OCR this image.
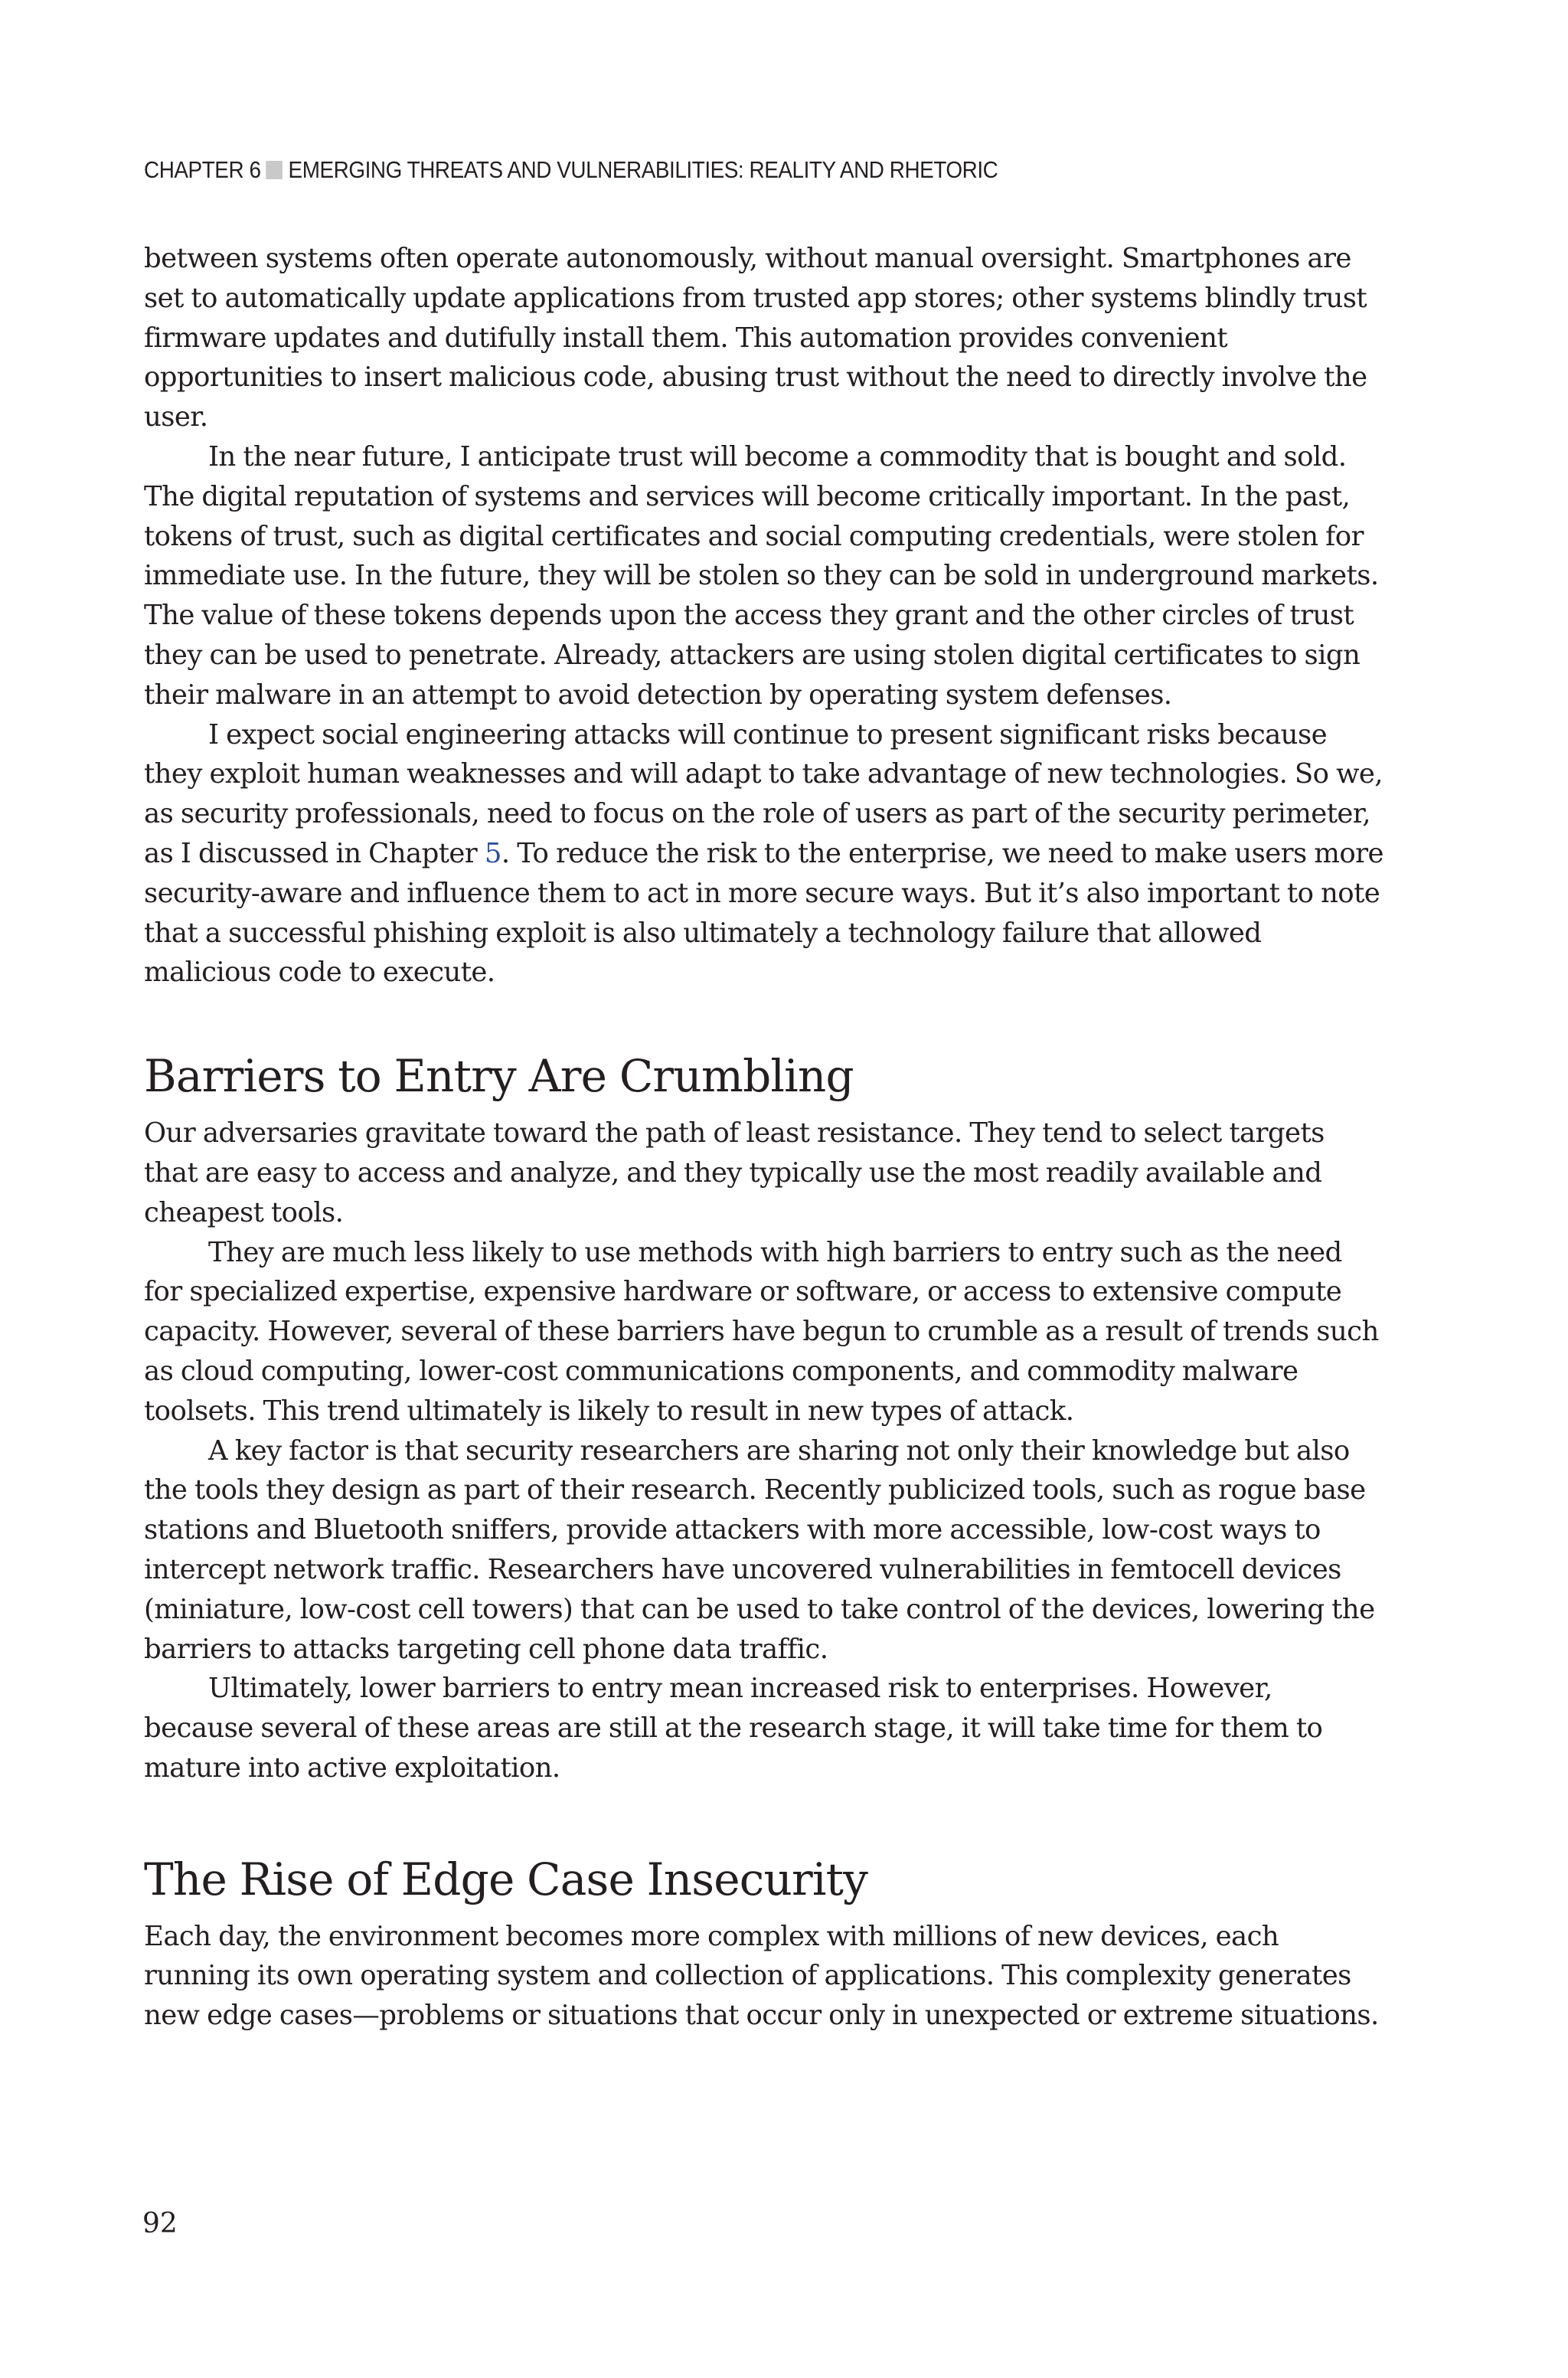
CHAPTER 6 EMERGING THREATS AND VULNERABILITIES: REALITY AND RHETORIC

between systems often operate autonomously, without manual oversight. Smartphones are set to automatically update applications from trusted app stores; other systems blindly trust firmware updates and dutifully install them. This automation provides convenient opportunities to insert malicious code, abusing trust without the need to directly involve the user.

In the near future, I anticipate trust will become a commodity that is bought and sold. The digital reputation of systems and services will become critically important. In the past, tokens of trust, such as digital certificates and social computing credentials, were stolen for immediate use. In the future, they will be stolen so they can be sold in underground markets. The value of these tokens depends upon the access they grant and the other circles of trust they can be used to penetrate. Already, attackers are using stolen digital certificates to sign their malware in an attempt to avoid detection by operating system defenses.

I expect social engineering attacks will continue to present significant risks because they exploit human weaknesses and will adapt to take advantage of new technologies. So we, as security professionals, need to focus on the role of users as part of the security perimeter, as I discussed in Chapter 5. To reduce the risk to the enterprise, we need to make users more security-aware and influence them to act in more secure ways. But it’s also important to note that a successful phishing exploit is also ultimately a technology failure that allowed malicious code to execute.

Barriers to Entry Are Crumbling

Our adversaries gravitate toward the path of least resistance. They tend to select targets that are easy to access and analyze, and they typically use the most readily available and cheapest tools.

They are much less likely to use methods with high barriers to entry such as the need for specialized expertise, expensive hardware or software, or access to extensive compute capacity. However, several of these barriers have begun to crumble as a result of trends such as cloud computing, lower-cost communications components, and commodity malware toolsets. This trend ultimately is likely to result in new types of attack.

A key factor is that security researchers are sharing not only their knowledge but also the tools they design as part of their research. Recently publicized tools, such as rogue base stations and Bluetooth sniffers, provide attackers with more accessible, low-cost ways to intercept network traffic. Researchers have uncovered vulnerabilities in femtocell devices (miniature, low-cost cell towers) that can be used to take control of the devices, lowering the barriers to attacks targeting cell phone data traffic.

Ultimately, lower barriers to entry mean increased risk to enterprises. However, because several of these areas are still at the research stage, it will take time for them to mature into active exploitation.

The Rise of Edge Case Insecurity

Each day, the environment becomes more complex with millions of new devices, each running its own operating system and collection of applications. This complexity generates new edge cases—problems or situations that occur only in unexpected or extreme situations.

92
